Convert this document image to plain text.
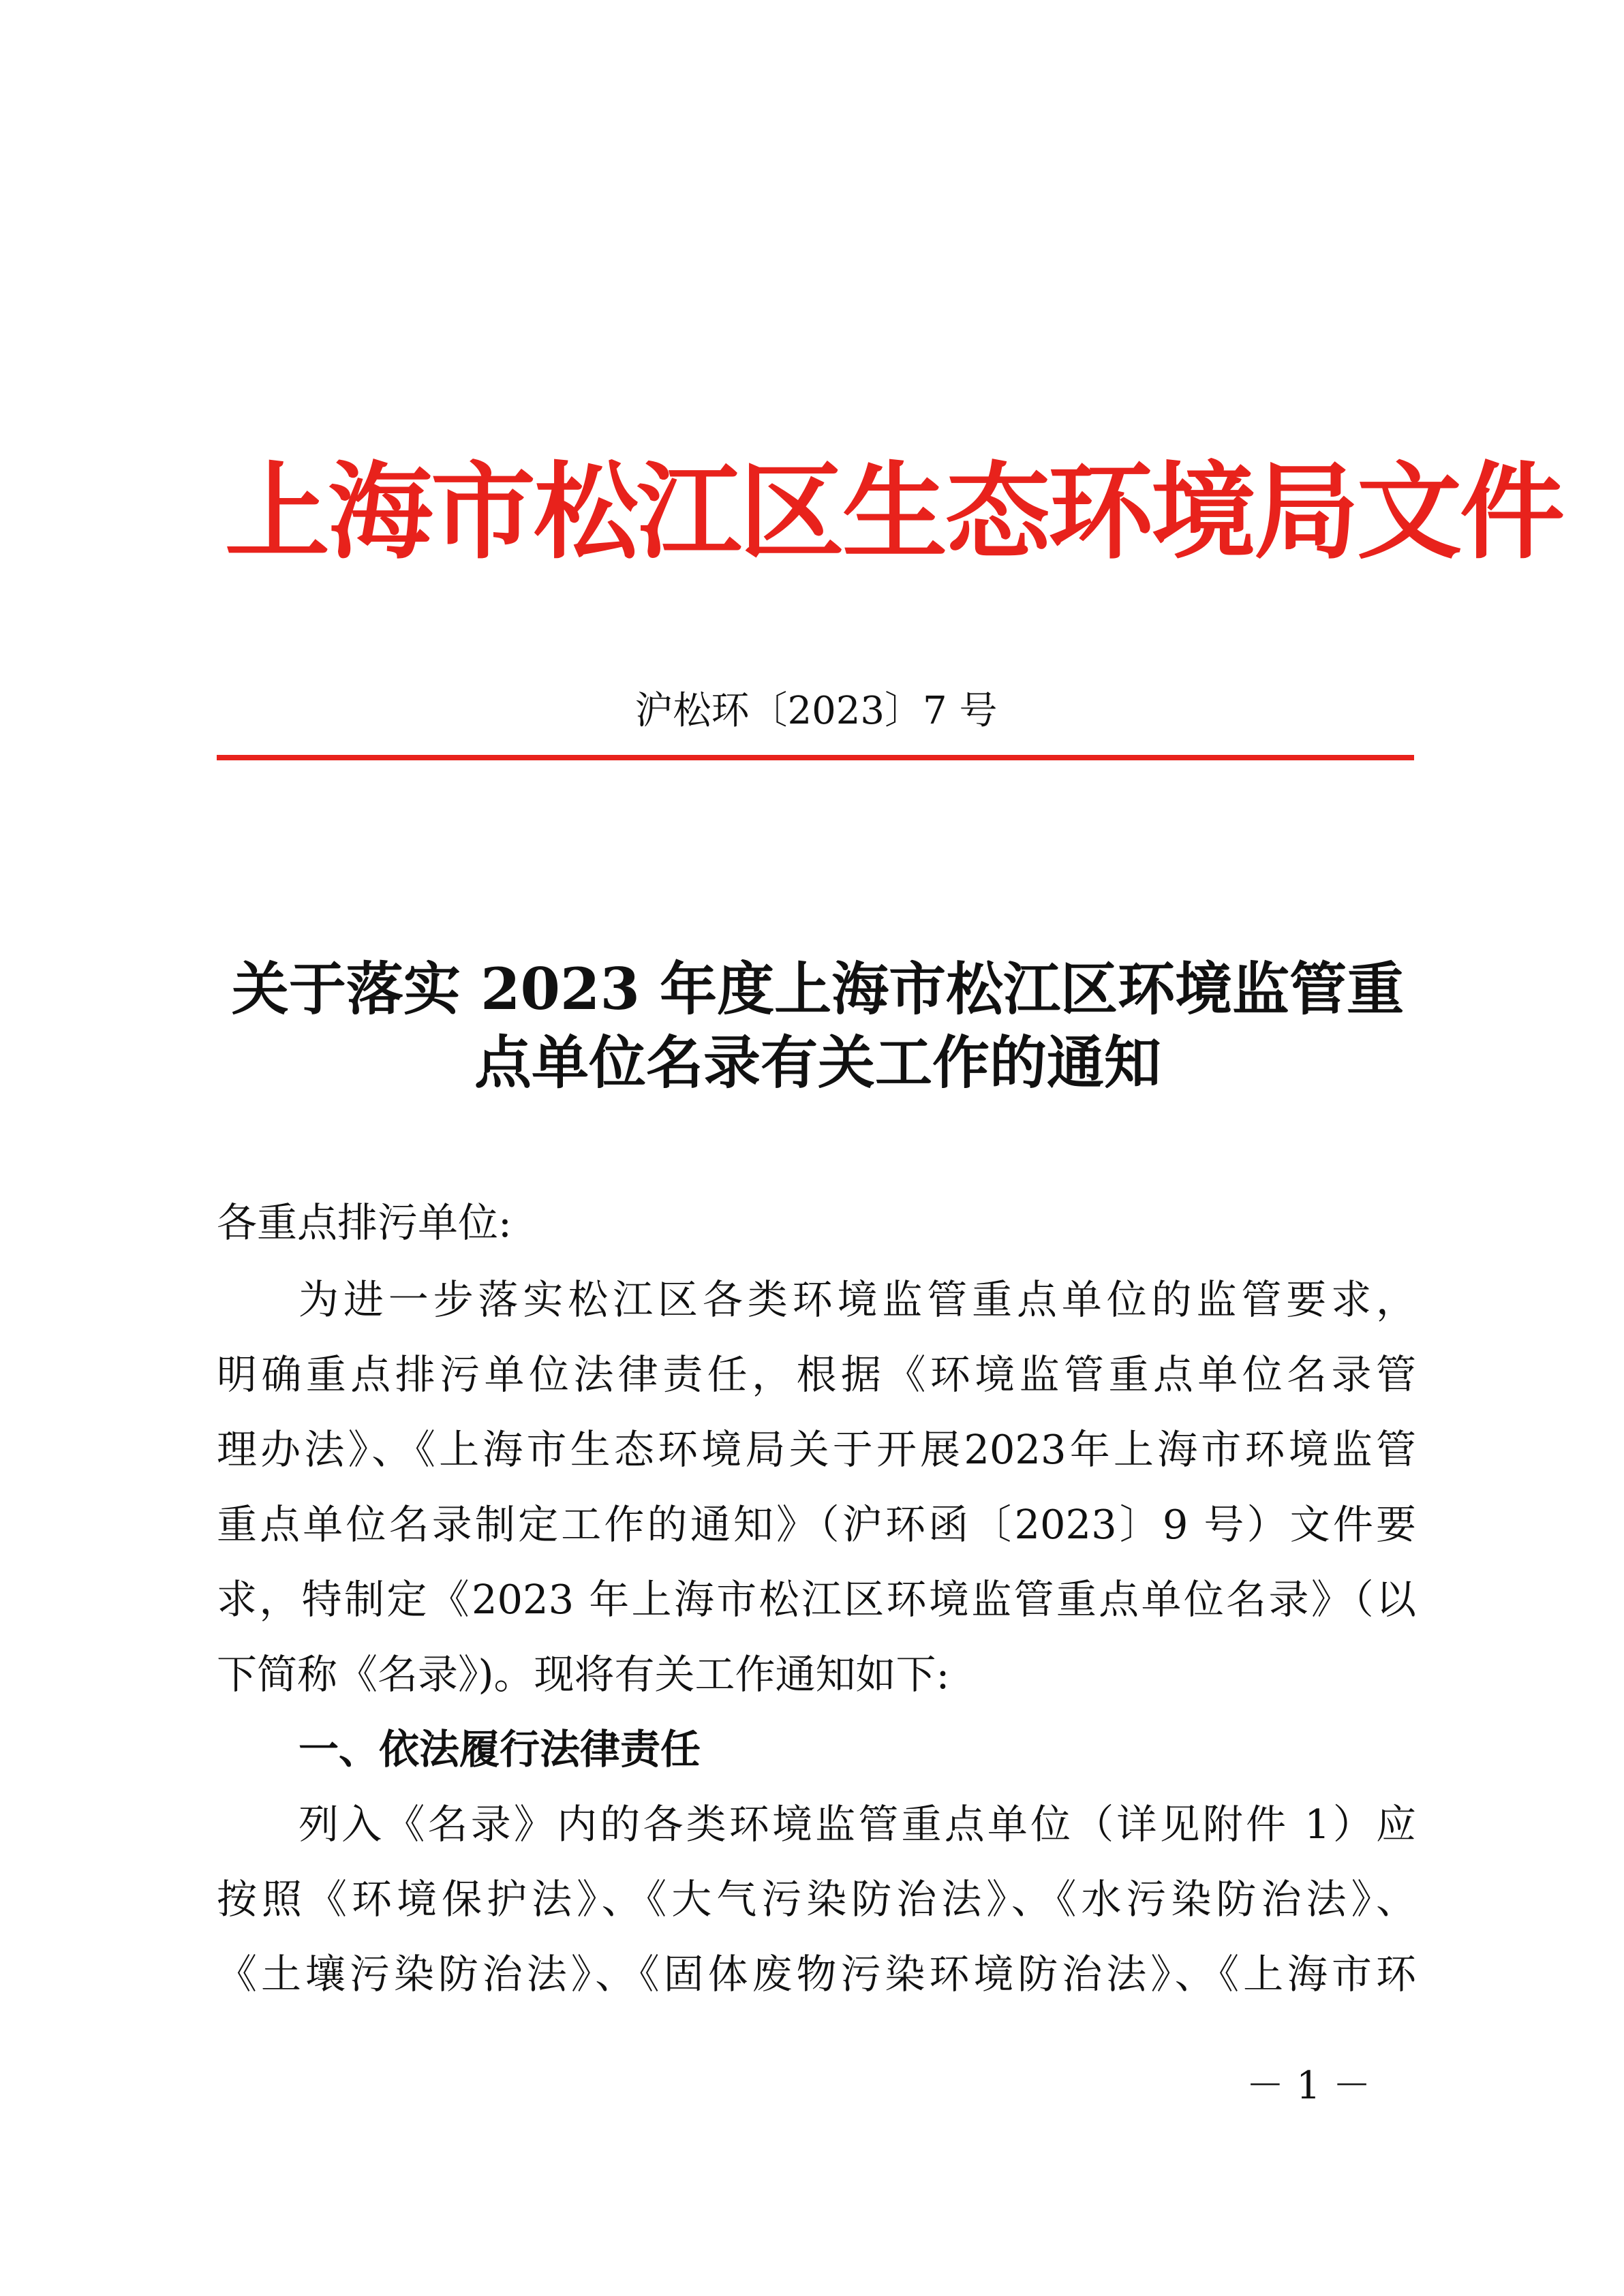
上海市松江区生态环境局文件
沪松环〔2023〕7 号
关于落实 2023 年度上海市松江区环境监管重
点单位名录有关工作的通知
各重点排污单位:
为进一步落实松江区各类环境监管重点单位的监管要求，
明确重点排污单位法律责任，根据《环境监管重点单位名录管
理办法》、《上海市生态环境局关于开展2023年上海市环境监管
重点单位名录制定工作的通知》（沪环函〔2023〕9 号）文件要
求，特制定《2023 年上海市松江区环境监管重点单位名录》（以
下简称《名录》)。现将有关工作通知如下:
一、依法履行法律责任
列入《名录》内的各类环境监管重点单位（详见附件 1）应
按照《环境保护法》、《大气污染防治法》、《水污染防治法》、
《土壤污染防治法》、《固体废物污染环境防治法》、《上海市环
－ 1 －
